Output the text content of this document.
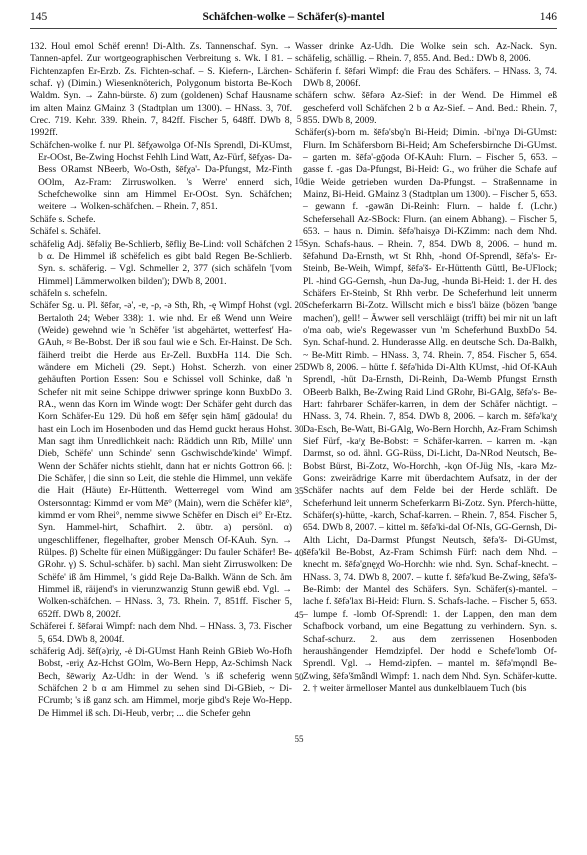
145	Schäfchen-wolke – Schäfer(s)-mantel	146
5
10
15
20
25
30
35
40
45
50
55

132. Houl emol Schëf erenn! Di-Alth. Zs. Tannenschaf. Syn. → Tannen-apfel. Zur wortgeographischen Verbreitung s. Wk. I 81. – Fichtenzapfen Er-Erzb. Zs. Fichten-schaf. – S. Kiefern-, Lärchen-schaf. γ) (Dimin.) Wiesenknöterich, Polygonum bistorta Be-Koch Waldm. Syn. → Zahn-bürste. δ) zum (goldenen) Schaf Hausname im alten Mainz GMainz 3 (Stadtplan um 1300). – HNass. 3, 70f. Crec. 719. Kehr. 339. Rhein. 7, 842ff. Fischer 5, 648ff. DWb 8, 1992ff.

Schäfchen-wolke f. nur Pl. šēfχəwolgə Of-NIs Sprendl, Di-KUmst, Er-OOst, Be-Zwing Hochst Fehlh Lind Watt, Az-Fürf, šēfχəs- Da-Bess ORamst NBeerb, Wo-Osth, šēfχə'- Da-Pfungst, Mz-Finth OOlm, Az-Fram: Zirruswolken. 's Werre' ennerd sich, Schefchewolke sinn am Himmel Er-OOst. Syn. Schäfchen; weitere → Wolken-schäfchen. – Rhein. 7, 851.

Schäfe s. Schefe.

Schäfel s. Schäfel.

schäfelig Adj. šēfəliχ Be-Schlierb, šēfliχ Be-Lind: voll Schäfchen 2 b α. De Himmel iß schëfelich es gibt bald Regen Be-Schlierb. Syn. s. schäferig. – Vgl. Schmeller 2, 377 (sich schäfeln '[vom Himmel] Lämmerwolken bilden'); DWb 8, 2001.

schäfeln s. schefeln.

Schäfer Sg. u. Pl. šēfər, -ə', -ɐ, -ρ, -ə Sth, Rh, -ę Wimpf Hohst (vgl. Bertaloth 24; Weber 338): 1. wie nhd. Er eß Wend unn Weire (Weide) gewehnd wie 'n Schëfer 'ist abgehärtet, wetterfest' Ha-GAuh, ≈ Be-Bobst. Der iß sou faul wie e Sch. Er-Hainst. De Sch. fäiherd treibt die Herde aus Er-Zell. BuxbHa 114. Die Sch. wändere em Micheli (29. Sept.) Hohst. Scherzh. von einer gehäuften Portion Essen: Sou e Schissel voll Schinke, daß 'n Schefer nit mit seine Schippe driwwer springe konn BuxbDo 3. RA., wenn das Korn im Winde wogt: Der Schäfer geht durch das Korn Schäfer-Eu 129. Dü hoß em šēfęr sęin hām[ gādoula! du hast ein Loch im Hosenboden und das Hemd guckt heraus Hohst. Man sagt ihm Unredlichkeit nach: Räddich unn Rīb, Mille' unn Dieb, Schëfe' unn Schinde' senn Gschwischde'kinde' Wimpf. Wenn der Schäfer nichts stiehlt, dann hat er nichts Gottron 66. |: Die Schäfer, | die sinn so Leit, die stehle die Himmel, unn vekäfe die Hait (Häute) Er-Hüttenth. Wetterregel vom Wind am Ostersonntag: Kimmd er vom Mē° (Main), wern die Schëfer klē°, kimmd er vom Rhei°, nemme siwwe Schëfer en Disch ei° Er-Etz. Syn. Hammel-hirt, Schafhirt. 2. übtr. a) persönl. α) ungeschliffener, flegelhafter, grober Mensch Of-KAuh. Syn. → Rülpes. β) Schelte für einen Müßiggänger: Du fauler Schäfer! Be-GRohr. γ) S. Schul-schäfer. b) sachl. Man sieht Zirruswolken: De Schëfe' iß åm Himmel, 's gidd Reje Da-Balkh. Wänn de Sch. åm Himmel iß, räijend's in vierunzwanzig Stunn gewiß ebd. Vgl. → Wolken-schäfchen. – HNass. 3, 73. Rhein. 7, 851ff. Fischer 5, 652ff. DWb 8, 2002f.

Schäferei f. šēfərai Wimpf: nach dem Nhd. – HNass. 3, 73. Fischer 5, 654. DWb 8, 2004f.

schäferig Adj. šēf(ə)riχ, -ė Di-GUmst Hanh Reinh GBieb Wo-Hofh Bobst, -ɐriχ Az-Hchst GOlm, Wo-Bern Hepp, Az-Schimsh Nack Bech, šēwəriχ Az-Udh: in der Wend. 's iß scheferig wenn Schäfchen 2 b α am Himmel zu sehen sind Di-GBieb, ~ Di-FCrumb; 's iß ganz sch. am Himmel, morje gibd's Reje Wo-Hepp. De Himmel iß sch. Di-Heub, verbr; ... die Schefer gehn

Wasser drinke Az-Udh. Die Wolke sein sch. Az-Nack. Syn. schäfelig, schällig. – Rhein. 7, 855. And. Bed.: DWb 8, 2006.

Schäferin f. šēfəri Wimpf: die Frau des Schäfers. – HNass. 3, 74. DWb 8, 2006f.

schäfern schw. šēfərə Az-Sief: in der Wend. De Himmel eß gescheferd voll Schäfchen 2 b α Az-Sief. – And. Bed.: Rhein. 7, 855. DWb 8, 2009.

Schäfer(s)-born m. šēfə'sbǫ'n Bi-Heid; Dimin. -bi'nχə Di-GUmst: Flurn. Im Schäfersborn Bi-Heid; Am Schefersbirnche Di-GUmst. – garten m. šēfə'-gǭodə Of-KAuh: Flurn. – Fischer 5, 653. – gasse f. -gas Da-Pfungst, Bi-Heid: G., wo früher die Schafe auf die Weide getrieben wurden Da-Pfungst. – Straßenname in Mainz, Bi-Heid. GMainz 3 (Stadtplan um 1300). – Fischer 5, 653. – gewann f. -gəwān Di-Reinh: Flurn. – halde f. (Lchr.) Schefersehall Az-SBock: Flurn. (an einem Abhang). – Fischer 5, 653. – haus n. Dimin. šēfə'haisχə Di-KZimm: nach dem Nhd. Syn. Schafs-haus. – Rhein. 7, 854. DWb 8, 2006. – hund m. šēfəhund Da-Ernsth, wt St Rhh, -hond Of-Sprendl, šēfə's- Er-Steinb, Be-Weih, Wimpf, šēfə'š- Er-Hüttenth Güttl, Be-UFlock; Pl. -hind GG-Gernsh, -hun Da-Jug, -hundə Bi-Heid: 1. der H. des Schäfers Er-Steinb, St Rhh verbr. De Scheferhund leit unnerm Scheferkarrn Bi-Zotz. Willscht mich e biss'l bäize (bözen 'bange machen'), gell! – Äwwer sell verschläigt (trifft) bei mir nit un laft o'ma oab, wie's Regewasser vun 'm Scheferhund BuxbDo 54. Syn. Schaf-hund. 2. Hunderasse Allg. en deutsche Sch. Da-Balkh, ~ Be-Mitt Rimb. – HNass. 3, 74. Rhein. 7, 854. Fischer 5, 654. DWb 8, 2006. – hütte f. šēfə'hidə Di-Alth KUmst, -hid Of-KAuh Sprendl, -hüt Da-Ernsth, Di-Reinh, Da-Wemb Pfungst Ernsth OBeerb Balkh, Be-Zwing Raid Lind GRohr, Bi-GAlg, šēfə's- Be-Hart: fahrbarer Schäfer-karren, in dem der Schäfer nächtigt. – HNass. 3, 74. Rhein. 7, 854. DWb 8, 2006. – karch m. šēfə'kaʳχ Da-Esch, Be-Watt, Bi-GAlg, Wo-Bern Horchh, Az-Fram Schimsh Sief Fürf, -kaʳχ Be-Bobst: = Schäfer-karren. – karren m. -kạn Darmst, so od. ähnl. GG-Rüss, Di-Licht, Da-NRod Neutsch, Be-Bobst Bürst, Bi-Zotz, Wo-Horchh, -kǫn Of-Jüg NIs, -karə Mz-Gons: zweirädrige Karre mit überdachtem Aufsatz, in der der Schäfer nachts auf dem Felde bei der Herde schläft. De Scheferhund leit unnerm Scheferkarrn Bi-Zotz. Syn. Pferch-hütte, Schäfer(s)-hütte, -karch, Schaf-karren. – Rhein. 7, 854. Fischer 5, 654. DWb 8, 2007. – kittel m. šēfə'ki-dəl Of-NIs, GG-Gernsh, Di-Alth Licht, Da-Darmst Pfungst Neutsch, šēfə'š- Di-GUmst, šēfə'kil Be-Bobst, Az-Fram Schimsh Fürf: nach dem Nhd. – knecht m. šēfə'gnęχd Wo-Horchh: wie nhd. Syn. Schaf-knecht. – HNass. 3, 74. DWb 8, 2007. – kutte f. šēfə'kud Be-Zwing, šēfə'š- Be-Rimb: der Mantel des Schäfers. Syn. Schäfer(s)-mantel. – lache f. šēfə'lax Bi-Heid: Flurn. S. Schafs-lache. – Fischer 5, 653. – lumpe f. -lomb Of-Sprendl: 1. der Lappen, den man dem Schafbock vorband, um eine Begattung zu verhindern. Syn. s. Schaf-schurz. 2. aus dem zerrissenen Hosenboden heraushängender Hemdzipfel. Der hodd e Schefe'lomb Of-Sprendl. Vgl. → Hemd-zipfen. – mantel m. šēfə'mǫndl Be-Zwing, šēfə'šmǟndl Wimpf: 1. nach dem Nhd. Syn. Schäfer-kutte. 2. † weiter ärmelloser Mantel aus dunkelblauem Tuch (bis
